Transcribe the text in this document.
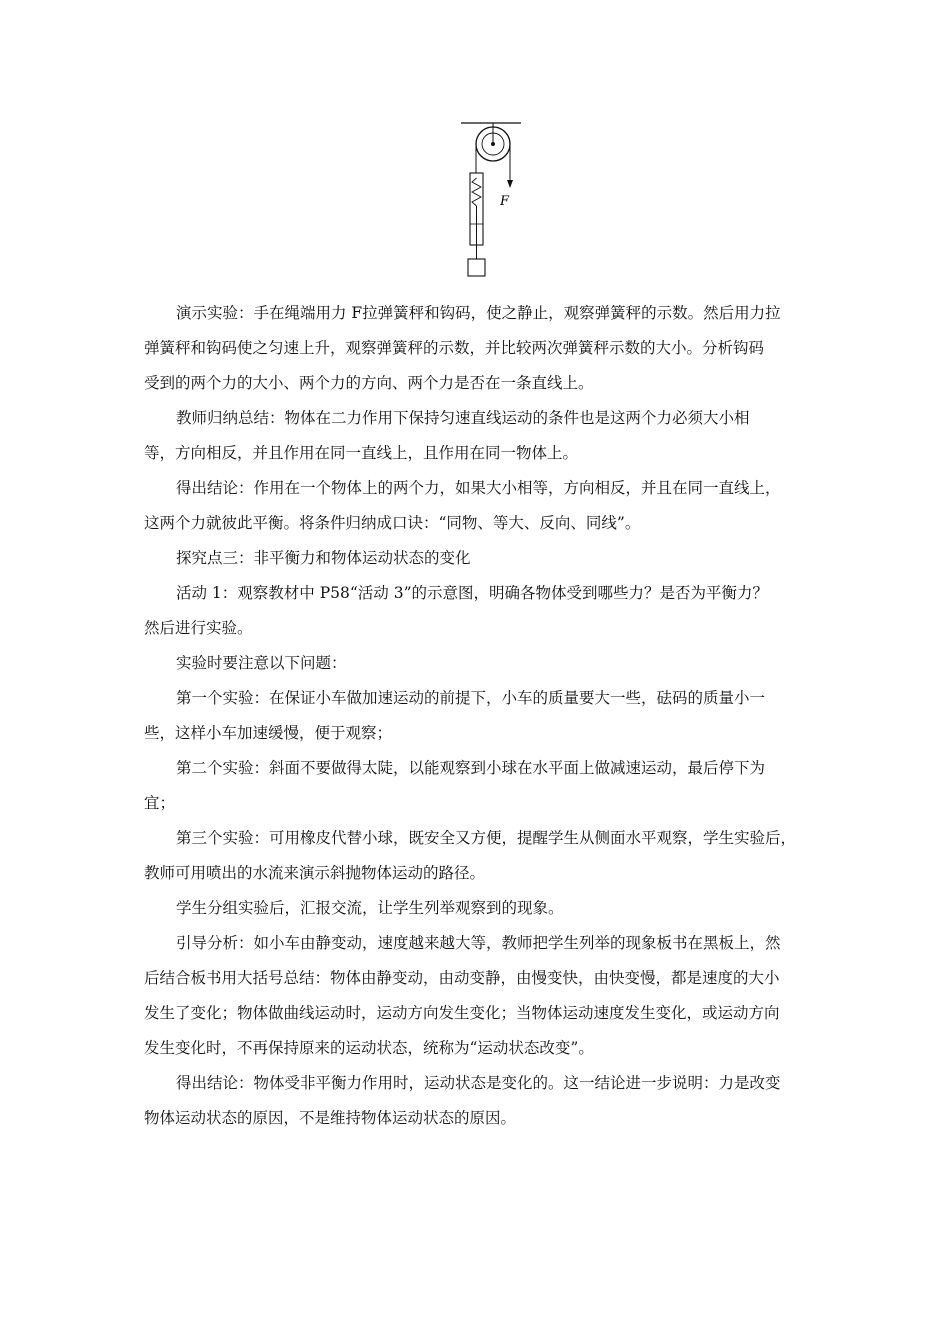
F

演示实验：手在绳端用力 F拉弹簧秤和钩码，使之静止，观察弹簧秤的示数。然后用力拉
弹簧秤和钩码使之匀速上升，观察弹簧秤的示数，并比较两次弹簧秤示数的大小。分析钩码
受到的两个力的大小、两个力的方向、两个力是否在一条直线上。

教师归纳总结：物体在二力作用下保持匀速直线运动的条件也是这两个力必须大小相
等，方向相反，并且作用在同一直线上，且作用在同一物体上。

得出结论：作用在一个物体上的两个力，如果大小相等，方向相反，并且在同一直线上，
这两个力就彼此平衡。将条件归纳成口诀：“同物、等大、反向、同线”。

探究点三：非平衡力和物体运动状态的变化

活动 1：观察教材中 P58“活动 3”的示意图，明确各物体受到哪些力？是否为平衡力？
然后进行实验。

实验时要注意以下问题：

第一个实验：在保证小车做加速运动的前提下，小车的质量要大一些，砝码的质量小一
些，这样小车加速缓慢，便于观察；

第二个实验：斜面不要做得太陡，以能观察到小球在水平面上做减速运动，最后停下为
宜；

第三个实验：可用橡皮代替小球，既安全又方便，提醒学生从侧面水平观察，学生实验后，
教师可用喷出的水流来演示斜抛物体运动的路径。

学生分组实验后，汇报交流，让学生列举观察到的现象。

引导分析：如小车由静变动，速度越来越大等，教师把学生列举的现象板书在黑板上，然
后结合板书用大括号总结：物体由静变动，由动变静，由慢变快，由快变慢，都是速度的大小
发生了变化；物体做曲线运动时，运动方向发生变化；当物体运动速度发生变化，或运动方向
发生变化时，不再保持原来的运动状态，统称为“运动状态改变”。

得出结论：物体受非平衡力作用时，运动状态是变化的。这一结论进一步说明：力是改变
物体运动状态的原因，不是维持物体运动状态的原因。
